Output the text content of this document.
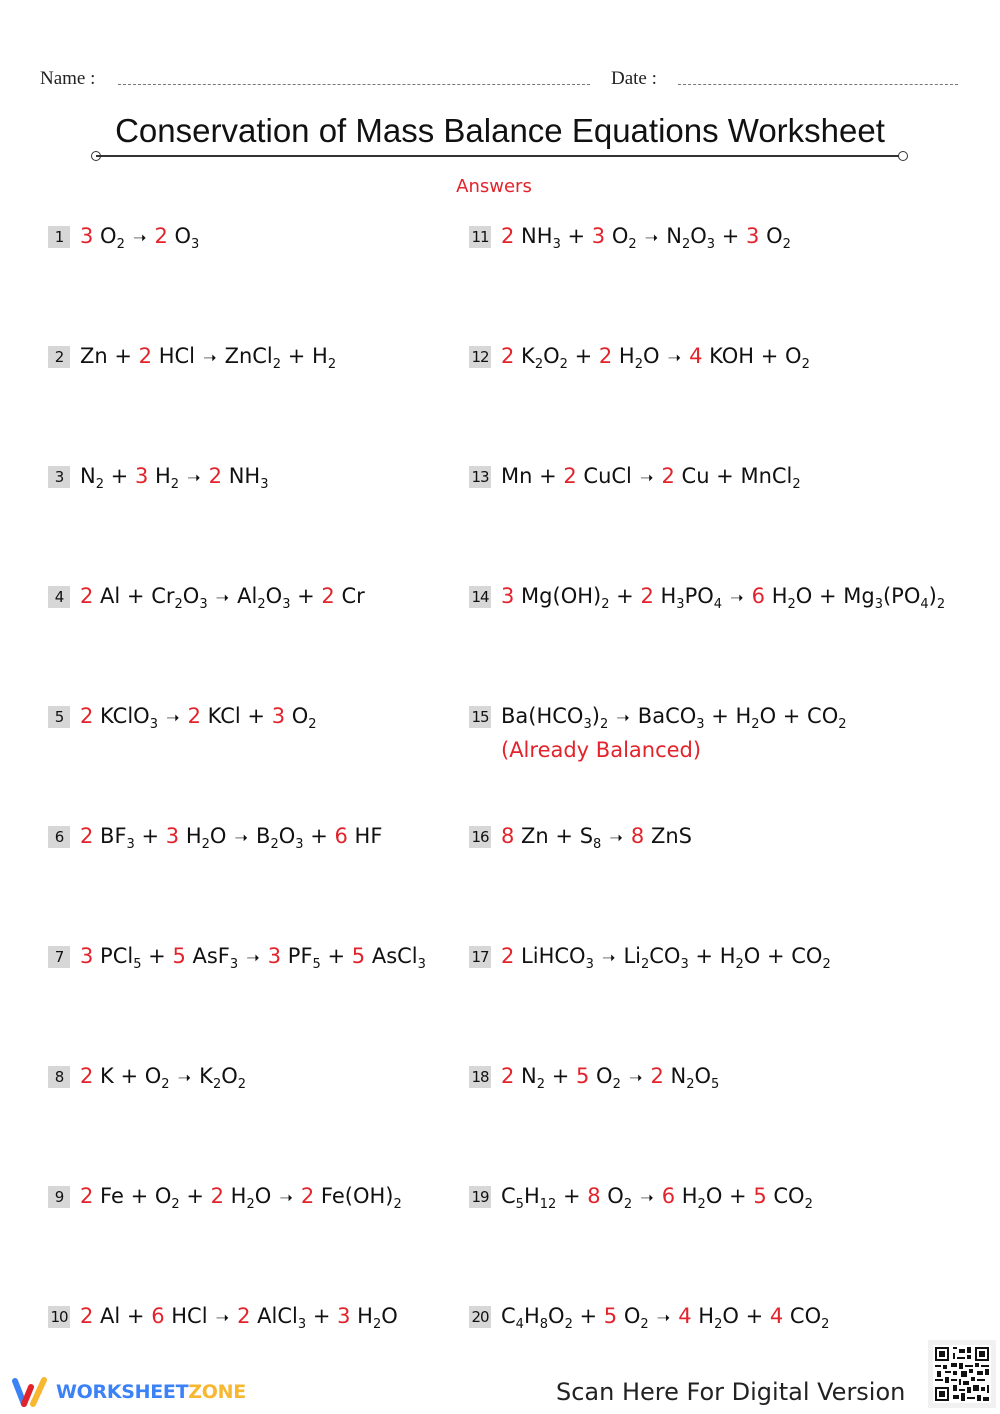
Name :	Date :
Conservation of Mass Balance Equations Worksheet
Answers
1 3 $O_2$ ➝ 2 $O_3$
2 Zn + 2 HCl ➝ ZnCl$_2$ + $H_2$
3 $N_2 + 3$ $H_2$ ➝ 2 $NH_3$
4 2 $Al + Cr_2O_3$ ➝ $Al_2O_3 + 2$ Cr
5 2 KClO$_3$ ➝ 2 KCl + 3 $O_2$
6 2 $BF_3 + 3$ $H_2O$ ➝ $B_2O_3 + 6$ HF
7 3 PCl$_5$ + 5 AsF$_3$ ➝ 3 $PF_5 + 5$ AsCl$_3$
8 2 $K + O_2$ ➝ $K_2O_2$
9 2 $Fe + O_2 + 2$ $H_2O$ ➝ 2 $Fe(OH)_2$
10 2 Al + 6 HCl ➝ 2 AlCl$_3$ + 3 $H_2O$
11 2 $NH_3 + 3$ $O_2$ ➝ $N_2O_3 + 3$ $O_2$
12 2 $K_2O_2 + 2$ $H_2O$ ➝ 4 KOH + $O_2$
13 Mn + 2 CuCl ➝ 2 Cu + MnCl$_2$
14 3 $Mg(OH)_2 + 2$ $H_3PO_4$ ➝ 6 $H_2O + Mg_3(PO_4)_2$
15 $Ba(HCO_3)_2$ ➝ BaCO$_3$ + $H_2O + CO_2$
(Already Balanced)
16 8 $Zn + S_8$ ➝ 8 ZnS
17 2 LiHCO$_3$ ➝ $Li_2CO_3 + H_2O + CO_2$
18 2 $N_2 + 5$ $O_2$ ➝ 2 $N_2O_5$
19 $C_5H_{12} + 8$ $O_2$ ➝ 6 $H_2O + 5$ $CO_2$
20 $C_4H_8O_2 + 5$ $O_2$ ➝ 4 $H_2O + 4$ $CO_2$
WORKSHEETZONE	Scan Here For Digital Version
